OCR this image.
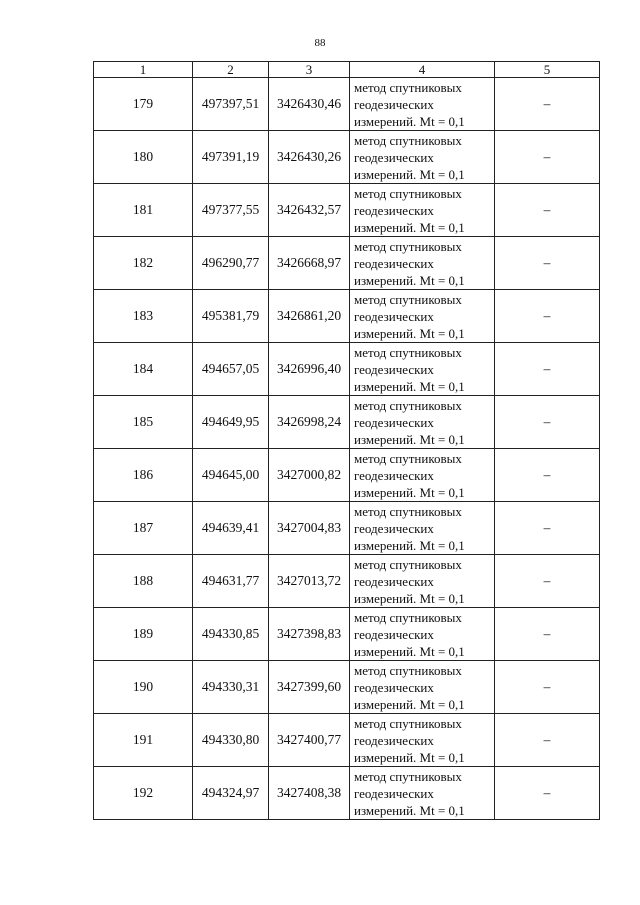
88
1	2	3	4	5
179	497397,51	3426430,46	метод спутниковых
геодезических
измерений. Mt = 0,1	–
180	497391,19	3426430,26	метод спутниковых
геодезических
измерений. Mt = 0,1	–
181	497377,55	3426432,57	метод спутниковых
геодезических
измерений. Mt = 0,1	–
182	496290,77	3426668,97	метод спутниковых
геодезических
измерений. Mt = 0,1	–
183	495381,79	3426861,20	метод спутниковых
геодезических
измерений. Mt = 0,1	–
184	494657,05	3426996,40	метод спутниковых
геодезических
измерений. Mt = 0,1	–
185	494649,95	3426998,24	метод спутниковых
геодезических
измерений. Mt = 0,1	–
186	494645,00	3427000,82	метод спутниковых
геодезических
измерений. Mt = 0,1	–
187	494639,41	3427004,83	метод спутниковых
геодезических
измерений. Mt = 0,1	–
188	494631,77	3427013,72	метод спутниковых
геодезических
измерений. Mt = 0,1	–
189	494330,85	3427398,83	метод спутниковых
геодезических
измерений. Mt = 0,1	–
190	494330,31	3427399,60	метод спутниковых
геодезических
измерений. Mt = 0,1	–
191	494330,80	3427400,77	метод спутниковых
геодезических
измерений. Mt = 0,1	–
192	494324,97	3427408,38	метод спутниковых
геодезических
измерений. Mt = 0,1	–
